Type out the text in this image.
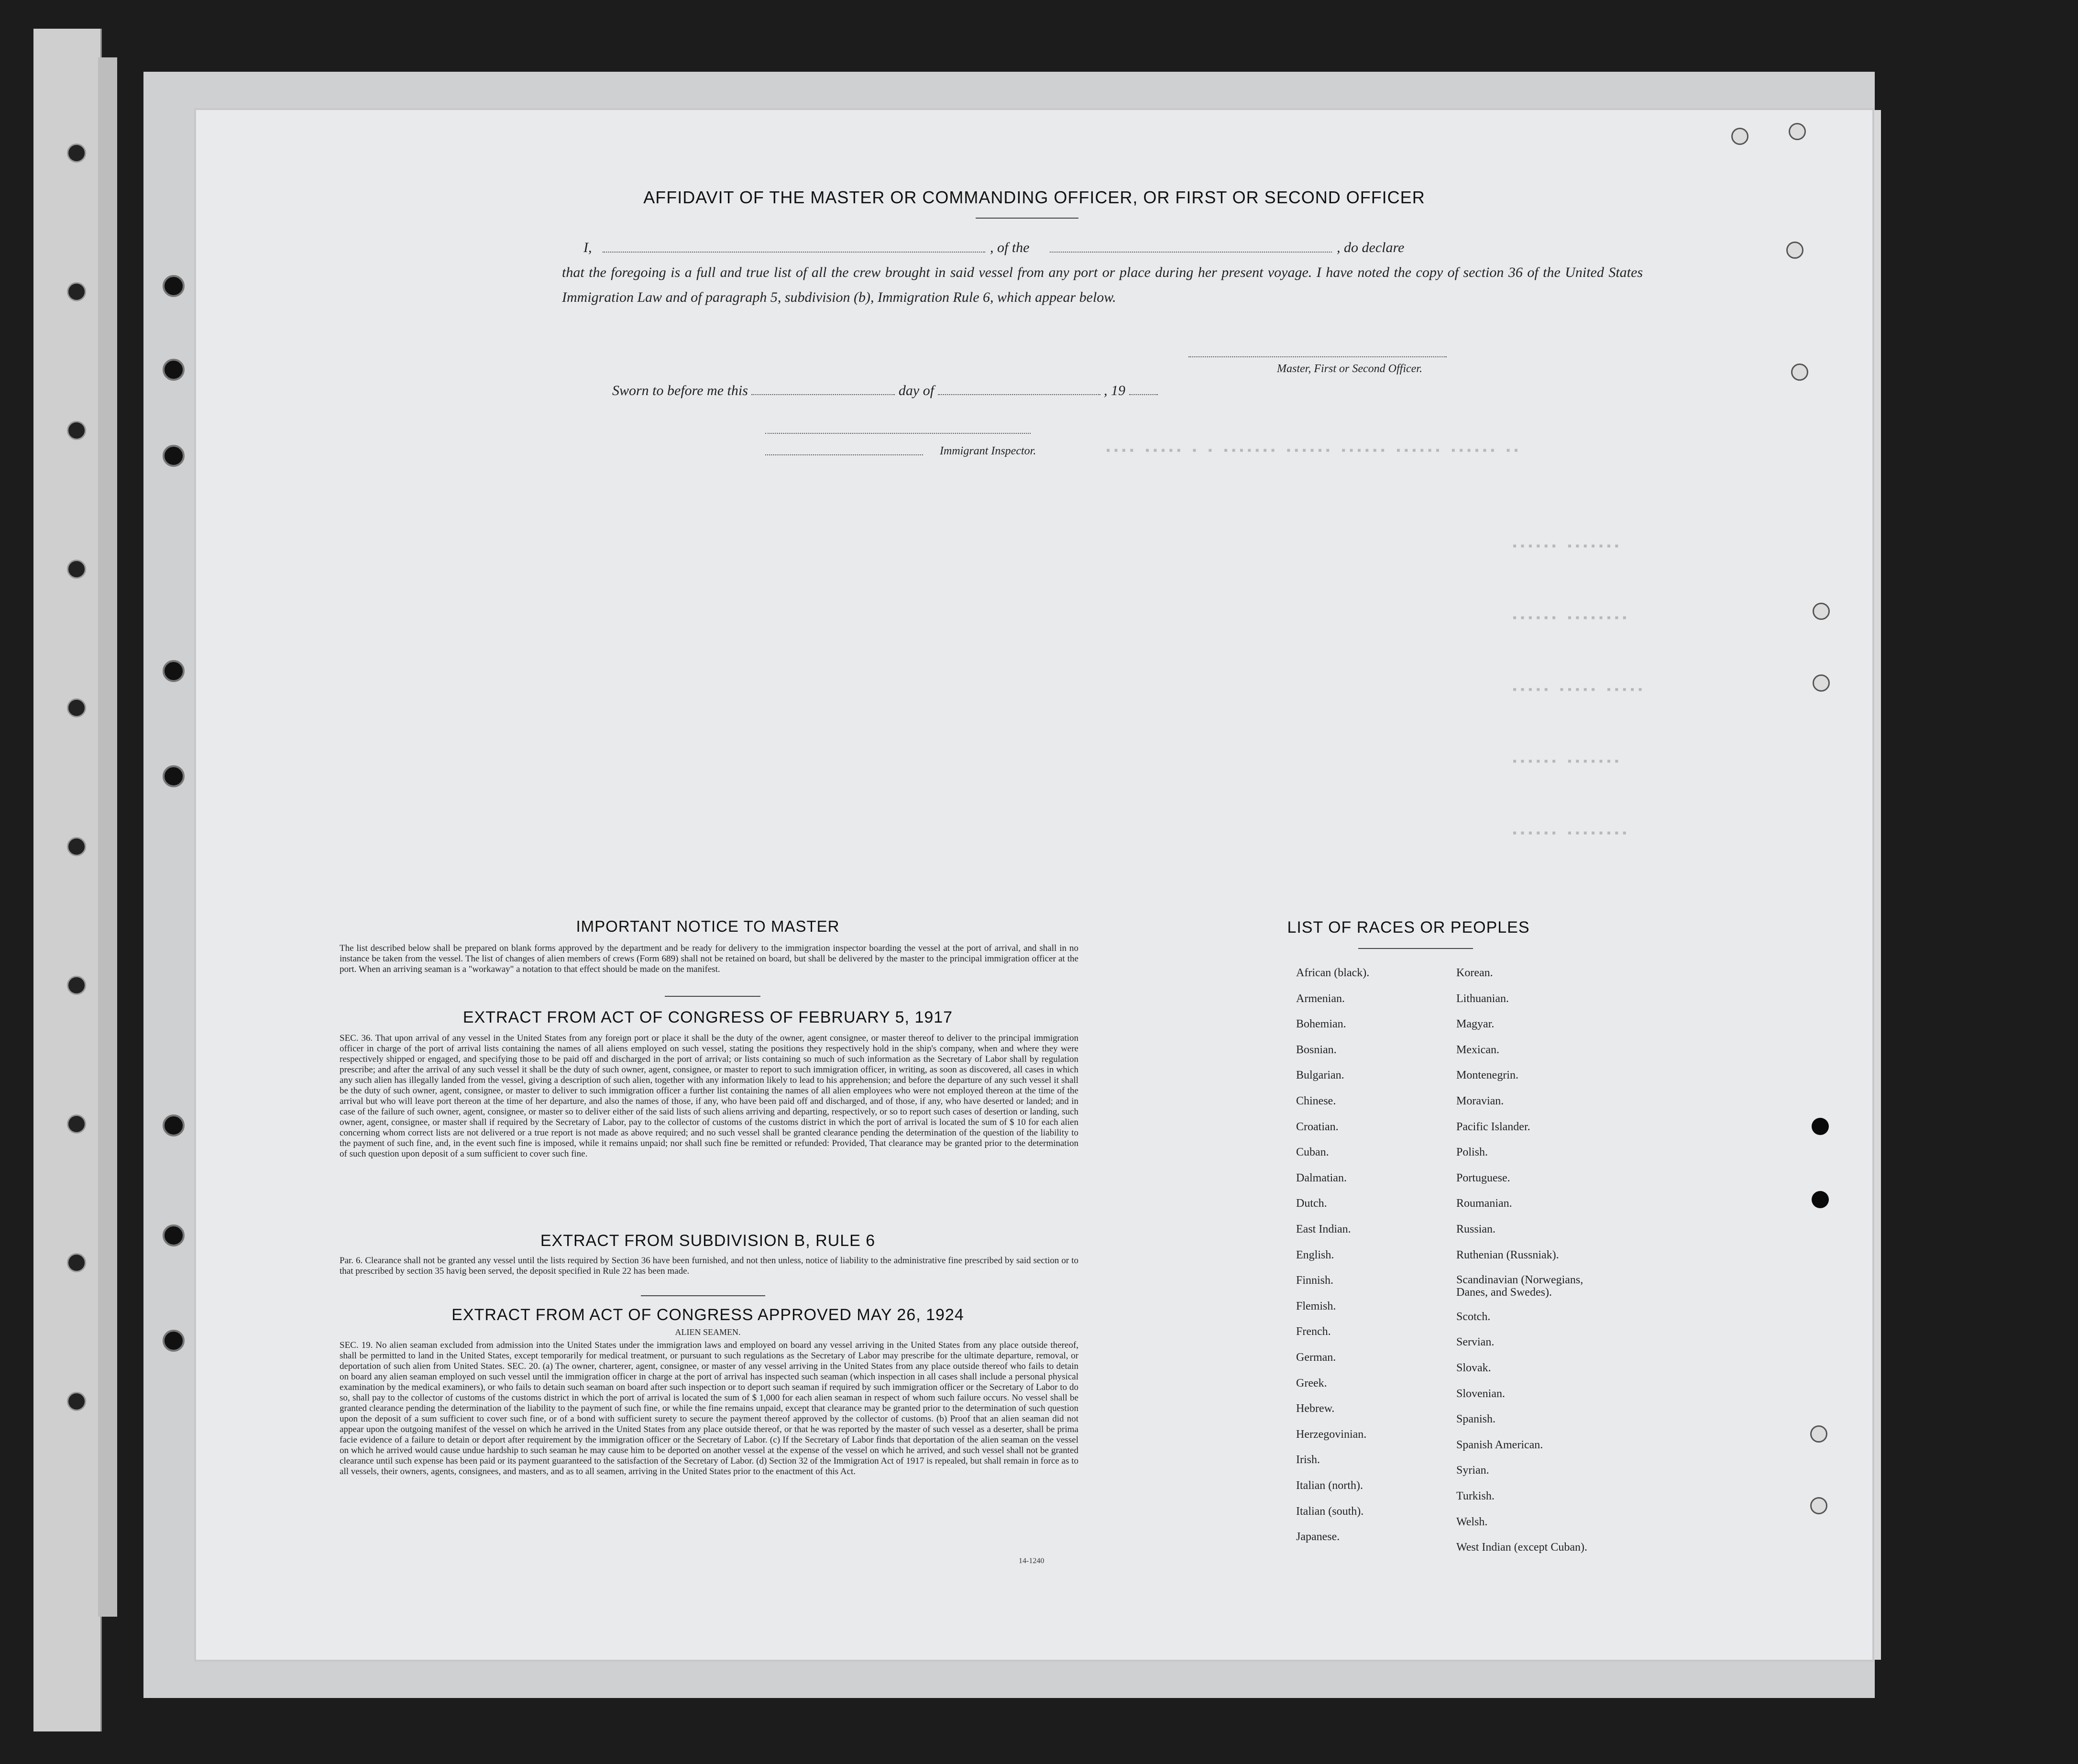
AFFIDAVIT OF THE MASTER OR COMMANDING OFFICER, OR FIRST OR SECOND OFFICER
I,	, of the	, do declare
that the foregoing is a full and true list of all the crew brought in said vessel from any port or place during her present voyage. I have noted the copy of section 36 of the United States Immigration Law and of paragraph 5, subdivision (b), Immigration Rule 6, which appear below.
Master, First or Second Officer.
Sworn to before me this	day of	, 19
Immigrant Inspector.	▪▪▪▪ ▪▪▪▪▪ ▪ ▪ ▪▪▪▪▪▪▪ ▪▪▪▪▪▪ ▪▪▪▪▪▪ ▪▪▪▪▪▪ ▪▪▪▪▪▪ ▪▪
▪▪▪▪▪▪ ▪▪▪▪▪▪▪
▪▪▪▪▪▪ ▪▪▪▪▪▪▪▪
▪▪▪▪▪ ▪▪▪▪▪ ▪▪▪▪▪
▪▪▪▪▪▪ ▪▪▪▪▪▪▪
▪▪▪▪▪▪ ▪▪▪▪▪▪▪▪
IMPORTANT NOTICE TO MASTER
The list described below shall be prepared on blank forms approved by the department and be ready for delivery to the immigration inspector boarding the vessel at the port of arrival, and shall in no instance be taken from the vessel. The list of changes of alien members of crews (Form 689) shall not be retained on board, but shall be delivered by the master to the principal immigration officer at the port. When an arriving seaman is a "workaway" a notation to that effect should be made on the manifest.
EXTRACT FROM ACT OF CONGRESS OF FEBRUARY 5, 1917
SEC. 36. That upon arrival of any vessel in the United States from any foreign port or place it shall be the duty of the owner, agent consignee, or master thereof to deliver to the principal immigration officer in charge of the port of arrival lists containing the names of all aliens employed on such vessel, stating the positions they respectively hold in the ship's company, when and where they were respectively shipped or engaged, and specifying those to be paid off and discharged in the port of arrival; or lists containing so much of such information as the Secretary of Labor shall by regulation prescribe; and after the arrival of any such vessel it shall be the duty of such owner, agent, consignee, or master to report to such immigration officer, in writing, as soon as discovered, all cases in which any such alien has illegally landed from the vessel, giving a description of such alien, together with any information likely to lead to his apprehension; and before the departure of any such vessel it shall be the duty of such owner, agent, consignee, or master to deliver to such immigration officer a further list containing the names of all alien employees who were not employed thereon at the time of the arrival but who will leave port thereon at the time of her departure, and also the names of those, if any, who have been paid off and discharged, and of those, if any, who have deserted or landed; and in case of the failure of such owner, agent, consignee, or master so to deliver either of the said lists of such aliens arriving and departing, respectively, or so to report such cases of desertion or landing, such owner, agent, consignee, or master shall if required by the Secretary of Labor, pay to the collector of customs of the customs district in which the port of arrival is located the sum of $ 10 for each alien concerning whom correct lists are not delivered or a true report is not made as above required; and no such vessel shall be granted clearance pending the determination of the question of the liability to the payment of such fine, and, in the event such fine is imposed, while it remains unpaid; nor shall such fine be remitted or refunded: Provided, That clearance may be granted prior to the determination of such question upon deposit of a sum sufficient to cover such fine.
EXTRACT FROM SUBDIVISION B, RULE 6
Par. 6. Clearance shall not be granted any vessel until the lists required by Section 36 have been furnished, and not then unless, notice of liability to the administrative fine prescribed by said section or to that prescribed by section 35 havig been served, the deposit specified in Rule 22 has been made.
EXTRACT FROM ACT OF CONGRESS APPROVED MAY 26, 1924
ALIEN SEAMEN.
SEC. 19. No alien seaman excluded from admission into the United States under the immigration laws and employed on board any vessel arriving in the United States from any place outside thereof, shall be permitted to land in the United States, except temporarily for medical treatment, or pursuant to such regulations as the Secretary of Labor may prescribe for the ultimate departure, removal, or deportation of such alien from United States. SEC. 20. (a) The owner, charterer, agent, consignee, or master of any vessel arriving in the United States from any place outside thereof who fails to detain on board any alien seaman employed on such vessel until the immigration officer in charge at the port of arrival has inspected such seaman (which inspection in all cases shall include a personal physical examination by the medical examiners), or who fails to detain such seaman on board after such inspection or to deport such seaman if required by such immigration officer or the Secretary of Labor to do so, shall pay to the collector of customs of the customs district in which the port of arrival is located the sum of $ 1,000 for each alien seaman in respect of whom such failure occurs. No vessel shall be granted clearance pending the determination of the liability to the payment of such fine, or while the fine remains unpaid, except that clearance may be granted prior to the determination of such question upon the deposit of a sum sufficient to cover such fine, or of a bond with sufficient surety to secure the payment thereof approved by the collector of customs. (b) Proof that an alien seaman did not appear upon the outgoing manifest of the vessel on which he arrived in the United States from any place outside thereof, or that he was reported by the master of such vessel as a deserter, shall be prima facie evidence of a failure to detain or deport after requirement by the immigration officer or the Secretary of Labor. (c) If the Secretary of Labor finds that deportation of the alien seaman on the vessel on which he arrived would cause undue hardship to such seaman he may cause him to be deported on another vessel at the expense of the vessel on which he arrived, and such vessel shall not be granted clearance until such expense has been paid or its payment guaranteed to the satisfaction of the Secretary of Labor. (d) Section 32 of the Immigration Act of 1917 is repealed, but shall remain in force as to all vessels, their owners, agents, consignees, and masters, and as to all seamen, arriving in the United States prior to the enactment of this Act.
14-1240
LIST OF RACES OR PEOPLES
African (black).
Armenian.
Bohemian.
Bosnian.
Bulgarian.
Chinese.
Croatian.
Cuban.
Dalmatian.
Dutch.
East Indian.
English.
Finnish.
Flemish.
French.
German.
Greek.
Hebrew.
Herzegovinian.
Irish.
Italian (north).
Italian (south).
Japanese.
Korean.
Lithuanian.
Magyar.
Mexican.
Montenegrin.
Moravian.
Pacific Islander.
Polish.
Portuguese.
Roumanian.
Russian.
Ruthenian (Russniak).
Scandinavian (Norwegians, Danes, and Swedes).
Scotch.
Servian.
Slovak.
Slovenian.
Spanish.
Spanish American.
Syrian.
Turkish.
Welsh.
West Indian (except Cuban).
